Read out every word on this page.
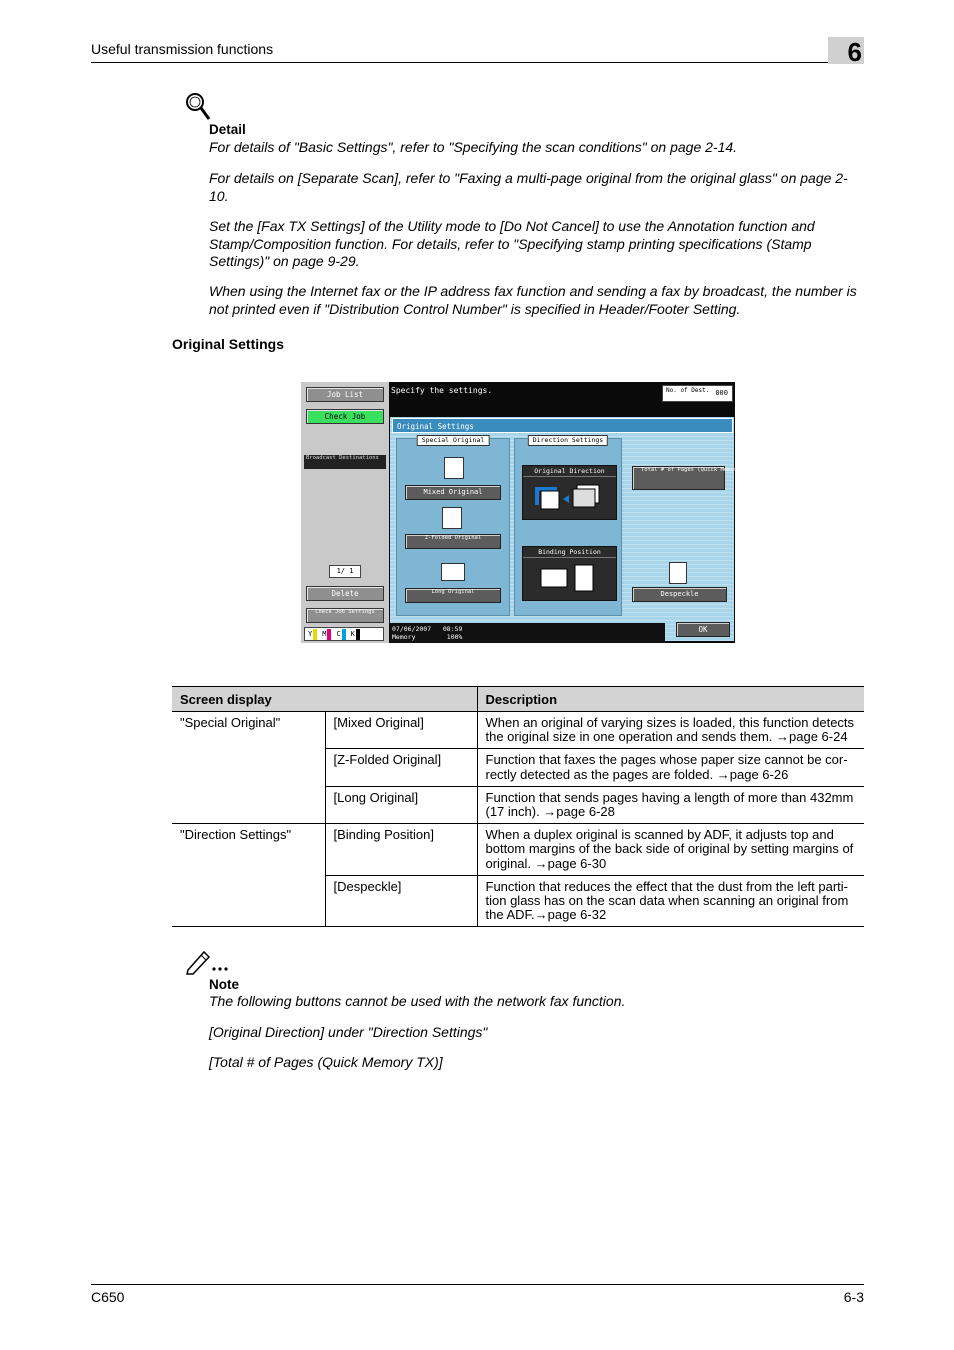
Useful transmission functions	6
Detail
For details of "Basic Settings", refer to "Specifying the scan conditions" on page 2-14.
For details on [Separate Scan], refer to "Faxing a multi-page original from the original glass" on page 2-10.
Set the [Fax TX Settings] of the Utility mode to [Do Not Cancel] to use the Annotation function and Stamp/Composition function. For details, refer to "Specifying stamp printing specifications (Stamp Settings)" on page 9-29.
When using the Internet fax or the IP address fax function and sending a fax by broadcast, the number is not printed even if "Distribution Control Number" is specified in Header/Footer Setting.
Original Settings
Job List
Check Job
Broadcast Destinations
1/ 1
Delete
Check Job Settings
Y M C K
Specify the settings.	No. of Dest. 000
Original Settings
Special Original
Mixed Original
Z-Folded Original
Long Original
Direction Settings
Original Direction
Binding Position
Total # of Pages (Quick Memory TX)
Despeckle
07/06/2007 08:59
Memory	100%
OK
Screen display		Description
"Special Original"	[Mixed Original]	When an original of varying sizes is loaded, this function detects the original size in one operation and sends them. →page 6-24
	[Z-Folded Original]	Function that faxes the pages whose paper size cannot be cor-rectly detected as the pages are folded. →page 6-26
	[Long Original]	Function that sends pages having a length of more than 432mm (17 inch). →page 6-28
"Direction Settings"	[Binding Position]	When a duplex original is scanned by ADF, it adjusts top and bottom margins of the back side of original by setting margins of original. →page 6-30
	[Despeckle]	Function that reduces the effect that the dust from the left parti-tion glass has on the scan data when scanning an original from the ADF.→page 6-32
Note
The following buttons cannot be used with the network fax function.
[Original Direction] under "Direction Settings"
[Total # of Pages (Quick Memory TX)]
C650	6-3
